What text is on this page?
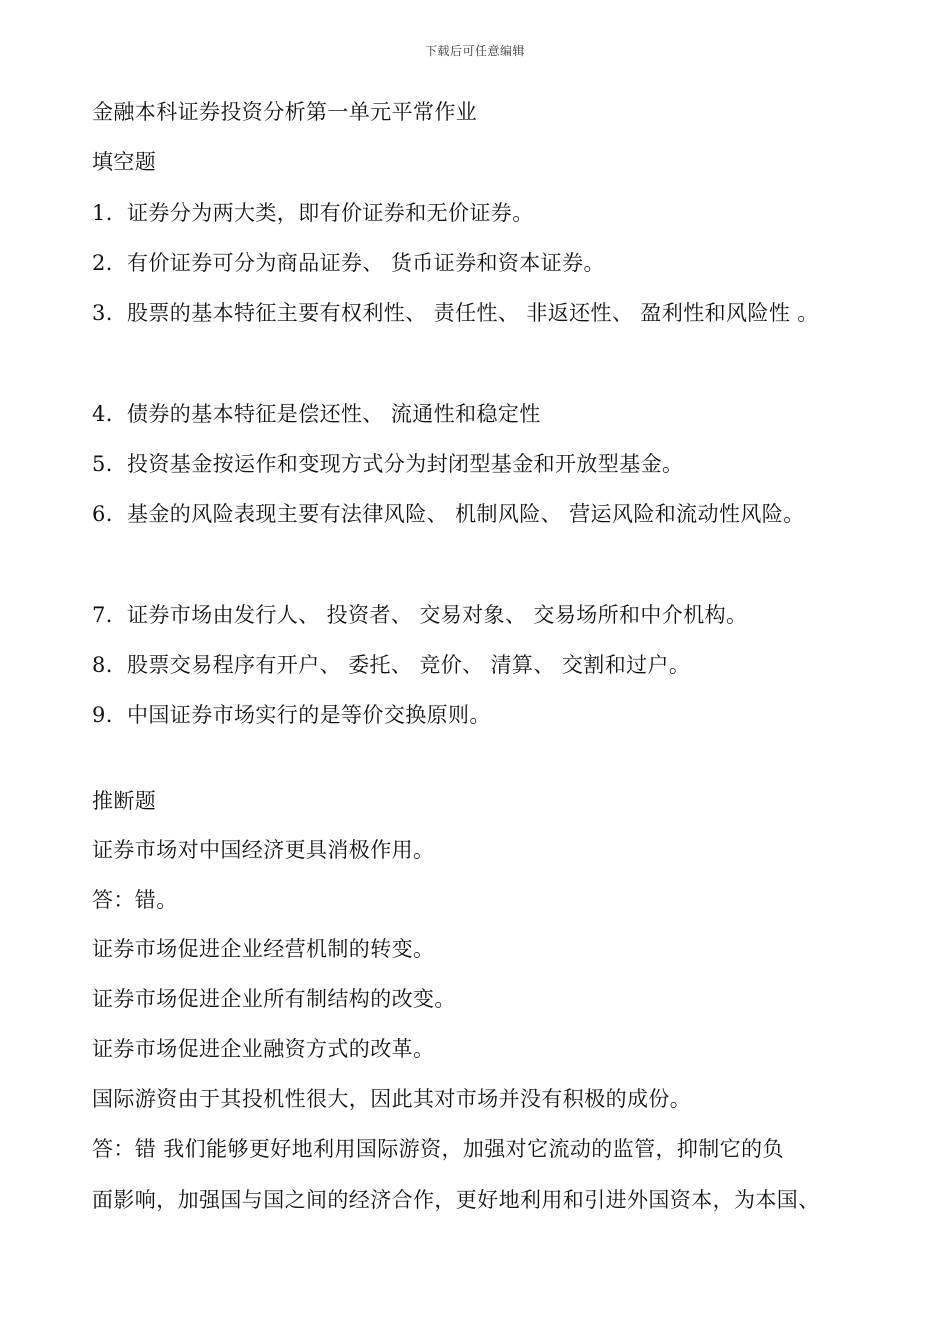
下载后可任意编辑
金融本科证券投资分析第一单元平常作业
填空题
1. 证券分为两大类，即有价证券和无价证券。
2. 有价证券可分为商品证券、 货币证券和资本证券。
3. 股票的基本特征主要有权利性、 责任性、 非返还性、 盈利性和风险性 。
4. 债券的基本特征是偿还性、 流通性和稳定性
5. 投资基金按运作和变现方式分为封闭型基金和开放型基金。
6. 基金的风险表现主要有法律风险、 机制风险、 营运风险和流动性风险。
7. 证券市场由发行人、 投资者、 交易对象、 交易场所和中介机构。
8. 股票交易程序有开户、 委托、 竞价、 清算、 交割和过户。
9. 中国证券市场实行的是等价交换原则。
推断题
证券市场对中国经济更具消极作用。
答：错。
证券市场促进企业经营机制的转变。
证券市场促进企业所有制结构的改变。
证券市场促进企业融资方式的改革。
国际游资由于其投机性很大，因此其对市场并没有积极的成份。
答：错 我们能够更好地利用国际游资，加强对它流动的监管，抑制它的负
面影响，加强国与国之间的经济合作，更好地利用和引进外国资本，为本国、
